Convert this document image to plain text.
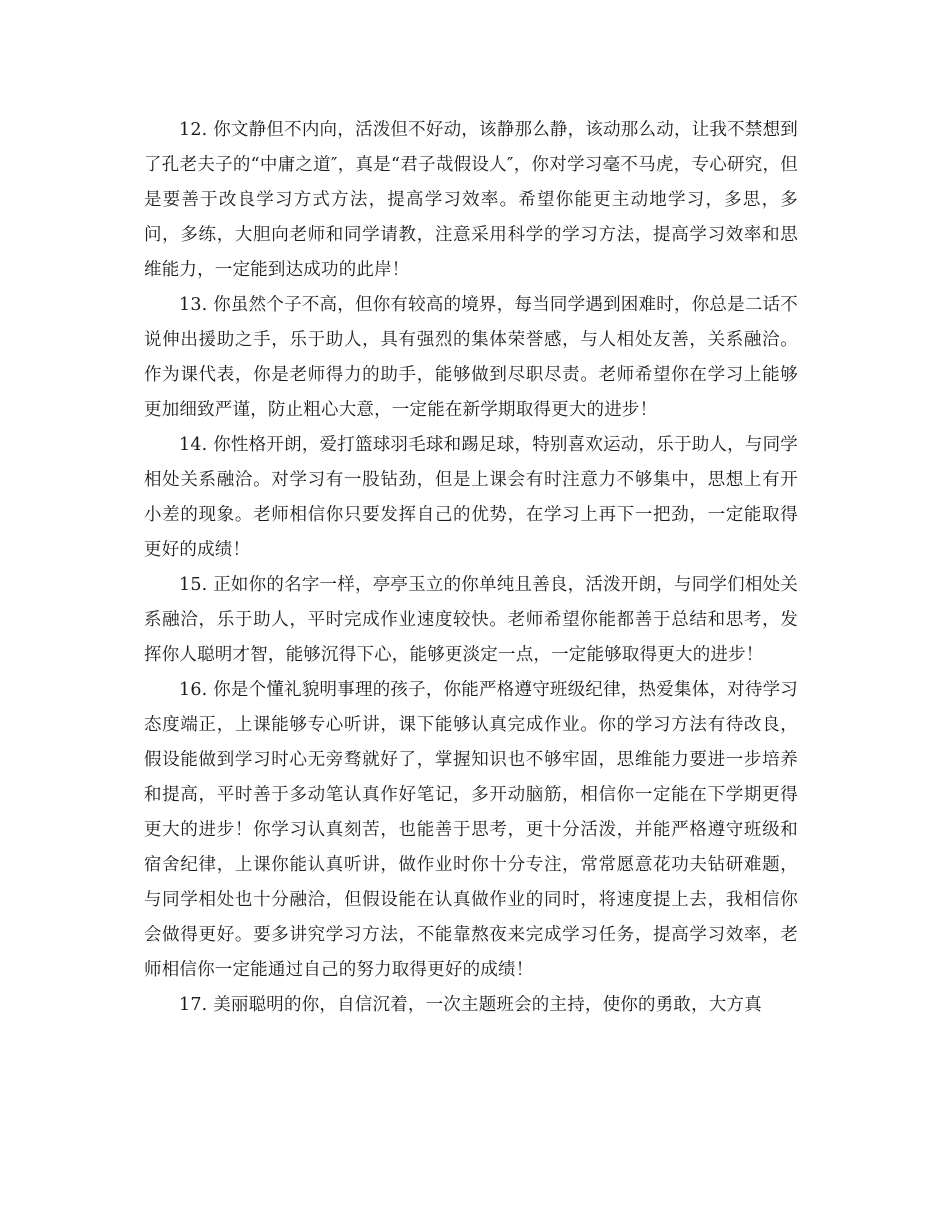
12. 你文静但不内向，活泼但不好动，该静那么静，该动那么动，让我不禁想到了孔老夫子的“中庸之道″，真是“君子哉假设人″，你对学习毫不马虎，专心研究，但是要善于改良学习方式方法，提高学习效率。希望你能更主动地学习，多思，多问，多练，大胆向老师和同学请教，注意采用科学的学习方法，提高学习效率和思维能力，一定能到达成功的此岸！

13. 你虽然个子不高，但你有较高的境界，每当同学遇到困难时，你总是二话不说伸出援助之手，乐于助人，具有强烈的集体荣誉感，与人相处友善，关系融洽。作为课代表，你是老师得力的助手，能够做到尽职尽责。老师希望你在学习上能够更加细致严谨，防止粗心大意，一定能在新学期取得更大的进步！

14. 你性格开朗，爱打篮球羽毛球和踢足球，特别喜欢运动，乐于助人，与同学相处关系融洽。对学习有一股钻劲，但是上课会有时注意力不够集中，思想上有开小差的现象。老师相信你只要发挥自己的优势，在学习上再下一把劲，一定能取得更好的成绩！

15. 正如你的名字一样，亭亭玉立的你单纯且善良，活泼开朗，与同学们相处关系融洽，乐于助人，平时完成作业速度较快。老师希望你能都善于总结和思考，发挥你人聪明才智，能够沉得下心，能够更淡定一点，一定能够取得更大的进步！

16. 你是个懂礼貌明事理的孩子，你能严格遵守班级纪律，热爱集体，对待学习态度端正，上课能够专心听讲，课下能够认真完成作业。你的学习方法有待改良，假设能做到学习时心无旁骛就好了，掌握知识也不够牢固，思维能力要进一步培养和提高，平时善于多动笔认真作好笔记，多开动脑筋，相信你一定能在下学期更得更大的进步！你学习认真刻苦，也能善于思考，更十分活泼，并能严格遵守班级和宿舍纪律，上课你能认真听讲，做作业时你十分专注，常常愿意花功夫钻研难题，与同学相处也十分融洽，但假设能在认真做作业的同时，将速度提上去，我相信你会做得更好。要多讲究学习方法，不能靠熬夜来完成学习任务，提高学习效率，老师相信你一定能通过自己的努力取得更好的成绩！

17. 美丽聪明的你，自信沉着，一次主题班会的主持，使你的勇敢，大方真
